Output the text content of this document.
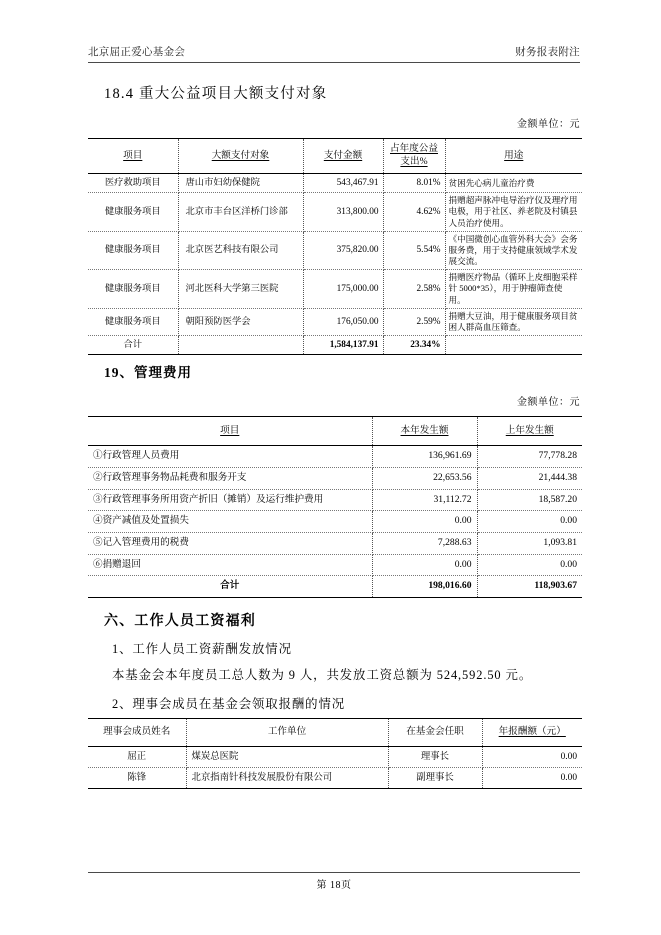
北京屈正爱心基金会	财务报表附注
18.4 重大公益项目大额支付对象

金额单位：元

项目	大额支付对象	支付金额	占年度公益支出%	用途
医疗救助项目	唐山市妇幼保健院	543,467.91	8.01%	贫困先心病儿童治疗费
健康服务项目	北京市丰台区洋桥门诊部	313,800.00	4.62%	捐赠超声脉冲电导治疗仪及理疗用电极，用于社区、养老院及村镇县人员治疗使用。
健康服务项目	北京医艺科技有限公司	375,820.00	5.54%	《中国微创心血管外科大会》会务服务费，用于支持健康领域学术发展交流。
健康服务项目	河北医科大学第三医院	175,000.00	2.58%	捐赠医疗物品（循环上皮细胞采样针 5000*35），用于肿瘤筛查使用。
健康服务项目	朝阳预防医学会	176,050.00	2.59%	捐赠大豆油，用于健康服务项目贫困人群高血压筛查。
合计		1,584,137.91	23.34%	
19、管理费用

金额单位：元

项目	本年发生额	上年发生额
①行政管理人员费用	136,961.69	77,778.28
②行政管理事务物品耗费和服务开支	22,653.56	21,444.38
③行政管理事务所用资产折旧（摊销）及运行维护费用	31,112.72	18,587.20
④资产减值及处置损失	0.00	0.00
⑤记入管理费用的税费	7,288.63	1,093.81
⑥捐赠退回	0.00	0.00
合计	198,016.60	118,903.67
六、工作人员工资福利

1、工作人员工资薪酬发放情况

本基金会本年度员工总人数为 9 人，共发放工资总额为 524,592.50 元。

2、理事会成员在基金会领取报酬的情况

理事会成员姓名	工作单位	在基金会任职	年报酬额（元）
屈正	煤炭总医院	理事长	0.00
陈锋	北京指南针科技发展股份有限公司	副理事长	0.00
第 18页
